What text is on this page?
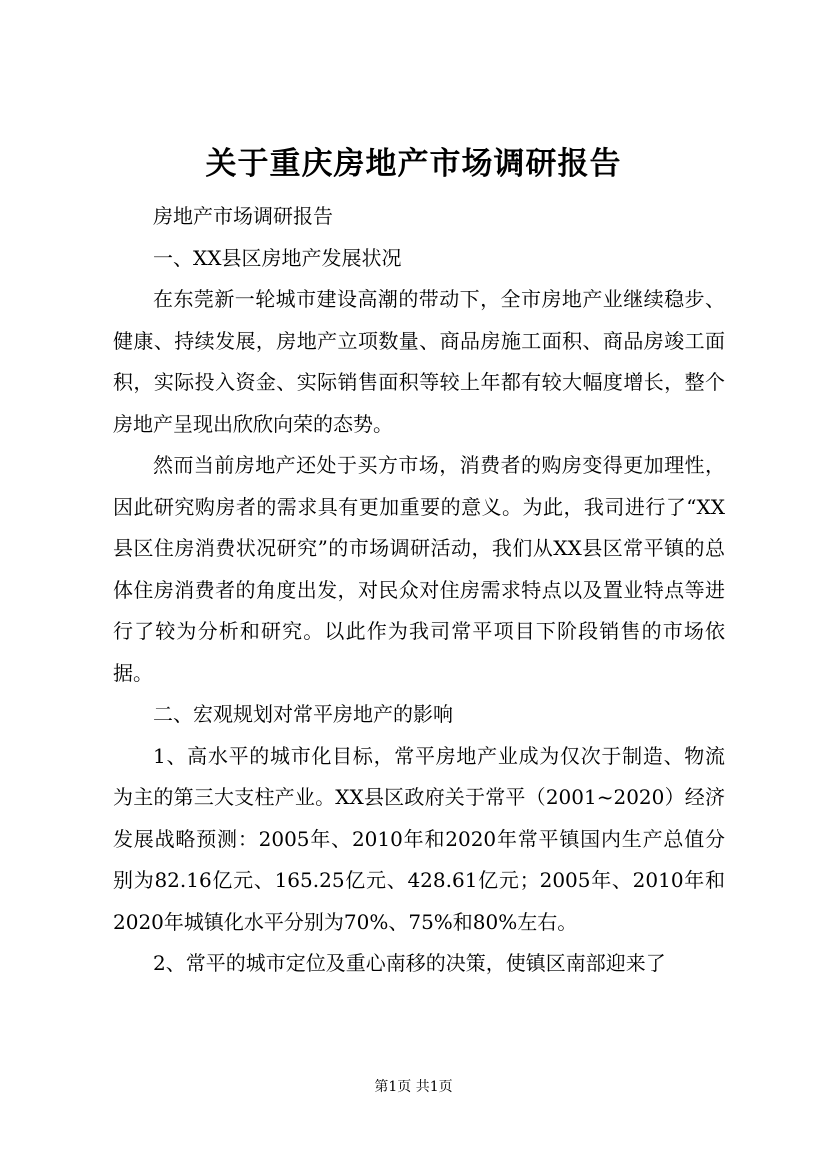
关于重庆房地产市场调研报告

房地产市场调研报告

一、XX县区房地产发展状况

在东莞新一轮城市建设高潮的带动下，全市房地产业继续稳步、健康、持续发展，房地产立项数量、商品房施工面积、商品房竣工面积，实际投入资金、实际销售面积等较上年都有较大幅度增长，整个房地产呈现出欣欣向荣的态势。

然而当前房地产还处于买方市场，消费者的购房变得更加理性，因此研究购房者的需求具有更加重要的意义。为此，我司进行了“XX县区住房消费状况研究”的市场调研活动，我们从XX县区常平镇的总体住房消费者的角度出发，对民众对住房需求特点以及置业特点等进行了较为分析和研究。以此作为我司常平项目下阶段销售的市场依据。

二、宏观规划对常平房地产的影响

1、高水平的城市化目标，常平房地产业成为仅次于制造、物流为主的第三大支柱产业。XX县区政府关于常平（2001~2020）经济发展战略预测：2005年、2010年和2020年常平镇国内生产总值分别为82.16亿元、165.25亿元、428.61亿元；2005年、2010年和2020年城镇化水平分别为70%、75%和80%左右。

2、常平的城市定位及重心南移的决策，使镇区南部迎来了

第1页 共1页
